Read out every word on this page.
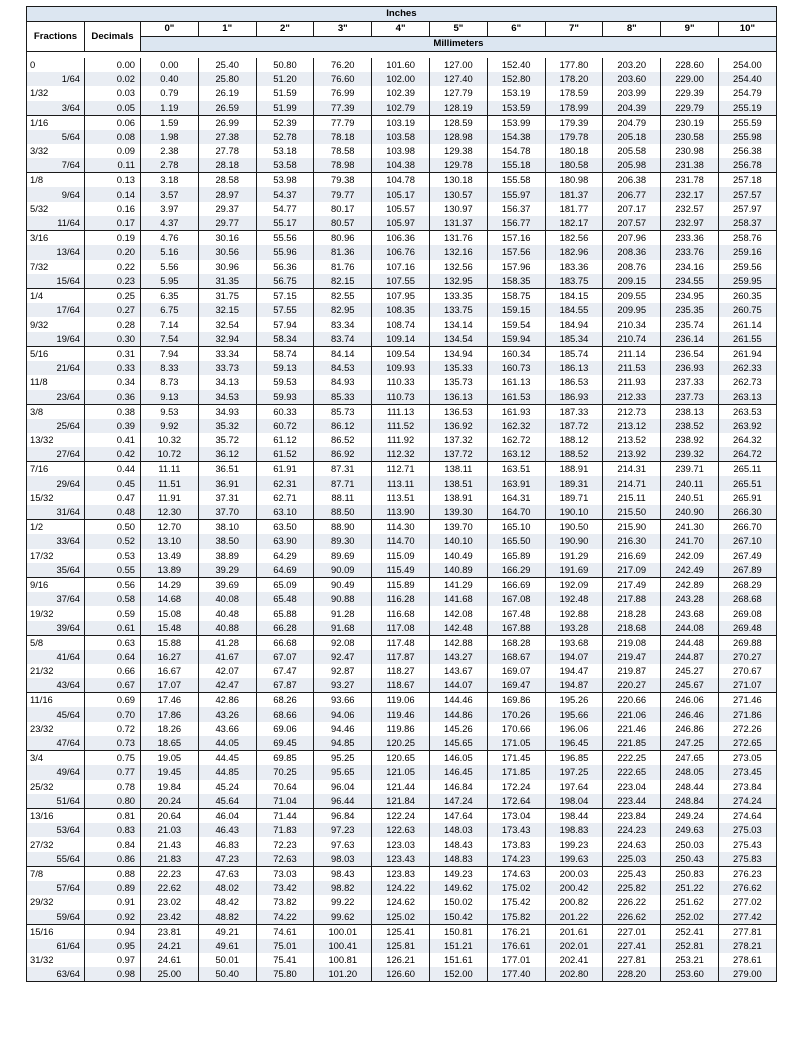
Inches												
Fractions	Decimals	0"	1"	2"	3"	4"	5"	6"	7"	8"	9"	10"
		Millimeters										

0	0.00	0.00	25.40	50.80	76.20	101.60	127.00	152.40	177.80	203.20	228.60	254.00
1/64	0.02	0.40	25.80	51.20	76.60	102.00	127.40	152.80	178.20	203.60	229.00	254.40
1/32	0.03	0.79	26.19	51.59	76.99	102.39	127.79	153.19	178.59	203.99	229.39	254.79
3/64	0.05	1.19	26.59	51.99	77.39	102.79	128.19	153.59	178.99	204.39	229.79	255.19
1/16	0.06	1.59	26.99	52.39	77.79	103.19	128.59	153.99	179.39	204.79	230.19	255.59
5/64	0.08	1.98	27.38	52.78	78.18	103.58	128.98	154.38	179.78	205.18	230.58	255.98
3/32	0.09	2.38	27.78	53.18	78.58	103.98	129.38	154.78	180.18	205.58	230.98	256.38
7/64	0.11	2.78	28.18	53.58	78.98	104.38	129.78	155.18	180.58	205.98	231.38	256.78
1/8	0.13	3.18	28.58	53.98	79.38	104.78	130.18	155.58	180.98	206.38	231.78	257.18
9/64	0.14	3.57	28.97	54.37	79.77	105.17	130.57	155.97	181.37	206.77	232.17	257.57
5/32	0.16	3.97	29.37	54.77	80.17	105.57	130.97	156.37	181.77	207.17	232.57	257.97
11/64	0.17	4.37	29.77	55.17	80.57	105.97	131.37	156.77	182.17	207.57	232.97	258.37
3/16	0.19	4.76	30.16	55.56	80.96	106.36	131.76	157.16	182.56	207.96	233.36	258.76
13/64	0.20	5.16	30.56	55.96	81.36	106.76	132.16	157.56	182.96	208.36	233.76	259.16
7/32	0.22	5.56	30.96	56.36	81.76	107.16	132.56	157.96	183.36	208.76	234.16	259.56
15/64	0.23	5.95	31.35	56.75	82.15	107.55	132.95	158.35	183.75	209.15	234.55	259.95
1/4	0.25	6.35	31.75	57.15	82.55	107.95	133.35	158.75	184.15	209.55	234.95	260.35
17/64	0.27	6.75	32.15	57.55	82.95	108.35	133.75	159.15	184.55	209.95	235.35	260.75
9/32	0.28	7.14	32.54	57.94	83.34	108.74	134.14	159.54	184.94	210.34	235.74	261.14
19/64	0.30	7.54	32.94	58.34	83.74	109.14	134.54	159.94	185.34	210.74	236.14	261.55
5/16	0.31	7.94	33.34	58.74	84.14	109.54	134.94	160.34	185.74	211.14	236.54	261.94
21/64	0.33	8.33	33.73	59.13	84.53	109.93	135.33	160.73	186.13	211.53	236.93	262.33
11/8	0.34	8.73	34.13	59.53	84.93	110.33	135.73	161.13	186.53	211.93	237.33	262.73
23/64	0.36	9.13	34.53	59.93	85.33	110.73	136.13	161.53	186.93	212.33	237.73	263.13
3/8	0.38	9.53	34.93	60.33	85.73	111.13	136.53	161.93	187.33	212.73	238.13	263.53
25/64	0.39	9.92	35.32	60.72	86.12	111.52	136.92	162.32	187.72	213.12	238.52	263.92
13/32	0.41	10.32	35.72	61.12	86.52	111.92	137.32	162.72	188.12	213.52	238.92	264.32
27/64	0.42	10.72	36.12	61.52	86.92	112.32	137.72	163.12	188.52	213.92	239.32	264.72
7/16	0.44	11.11	36.51	61.91	87.31	112.71	138.11	163.51	188.91	214.31	239.71	265.11
29/64	0.45	11.51	36.91	62.31	87.71	113.11	138.51	163.91	189.31	214.71	240.11	265.51
15/32	0.47	11.91	37.31	62.71	88.11	113.51	138.91	164.31	189.71	215.11	240.51	265.91
31/64	0.48	12.30	37.70	63.10	88.50	113.90	139.30	164.70	190.10	215.50	240.90	266.30
1/2	0.50	12.70	38.10	63.50	88.90	114.30	139.70	165.10	190.50	215.90	241.30	266.70
33/64	0.52	13.10	38.50	63.90	89.30	114.70	140.10	165.50	190.90	216.30	241.70	267.10
17/32	0.53	13.49	38.89	64.29	89.69	115.09	140.49	165.89	191.29	216.69	242.09	267.49
35/64	0.55	13.89	39.29	64.69	90.09	115.49	140.89	166.29	191.69	217.09	242.49	267.89
9/16	0.56	14.29	39.69	65.09	90.49	115.89	141.29	166.69	192.09	217.49	242.89	268.29
37/64	0.58	14.68	40.08	65.48	90.88	116.28	141.68	167.08	192.48	217.88	243.28	268.68
19/32	0.59	15.08	40.48	65.88	91.28	116.68	142.08	167.48	192.88	218.28	243.68	269.08
39/64	0.61	15.48	40.88	66.28	91.68	117.08	142.48	167.88	193.28	218.68	244.08	269.48
5/8	0.63	15.88	41.28	66.68	92.08	117.48	142.88	168.28	193.68	219.08	244.48	269.88
41/64	0.64	16.27	41.67	67.07	92.47	117.87	143.27	168.67	194.07	219.47	244.87	270.27
21/32	0.66	16.67	42.07	67.47	92.87	118.27	143.67	169.07	194.47	219.87	245.27	270.67
43/64	0.67	17.07	42.47	67.87	93.27	118.67	144.07	169.47	194.87	220.27	245.67	271.07
11/16	0.69	17.46	42.86	68.26	93.66	119.06	144.46	169.86	195.26	220.66	246.06	271.46
45/64	0.70	17.86	43.26	68.66	94.06	119.46	144.86	170.26	195.66	221.06	246.46	271.86
23/32	0.72	18.26	43.66	69.06	94.46	119.86	145.26	170.66	196.06	221.46	246.86	272.26
47/64	0.73	18.65	44.05	69.45	94.85	120.25	145.65	171.05	196.45	221.85	247.25	272.65
3/4	0.75	19.05	44.45	69.85	95.25	120.65	146.05	171.45	196.85	222.25	247.65	273.05
49/64	0.77	19.45	44.85	70.25	95.65	121.05	146.45	171.85	197.25	222.65	248.05	273.45
25/32	0.78	19.84	45.24	70.64	96.04	121.44	146.84	172.24	197.64	223.04	248.44	273.84
51/64	0.80	20.24	45.64	71.04	96.44	121.84	147.24	172.64	198.04	223.44	248.84	274.24
13/16	0.81	20.64	46.04	71.44	96.84	122.24	147.64	173.04	198.44	223.84	249.24	274.64
53/64	0.83	21.03	46.43	71.83	97.23	122.63	148.03	173.43	198.83	224.23	249.63	275.03
27/32	0.84	21.43	46.83	72.23	97.63	123.03	148.43	173.83	199.23	224.63	250.03	275.43
55/64	0.86	21.83	47.23	72.63	98.03	123.43	148.83	174.23	199.63	225.03	250.43	275.83
7/8	0.88	22.23	47.63	73.03	98.43	123.83	149.23	174.63	200.03	225.43	250.83	276.23
57/64	0.89	22.62	48.02	73.42	98.82	124.22	149.62	175.02	200.42	225.82	251.22	276.62
29/32	0.91	23.02	48.42	73.82	99.22	124.62	150.02	175.42	200.82	226.22	251.62	277.02
59/64	0.92	23.42	48.82	74.22	99.62	125.02	150.42	175.82	201.22	226.62	252.02	277.42
15/16	0.94	23.81	49.21	74.61	100.01	125.41	150.81	176.21	201.61	227.01	252.41	277.81
61/64	0.95	24.21	49.61	75.01	100.41	125.81	151.21	176.61	202.01	227.41	252.81	278.21
31/32	0.97	24.61	50.01	75.41	100.81	126.21	151.61	177.01	202.41	227.81	253.21	278.61
63/64	0.98	25.00	50.40	75.80	101.20	126.60	152.00	177.40	202.80	228.20	253.60	279.00
